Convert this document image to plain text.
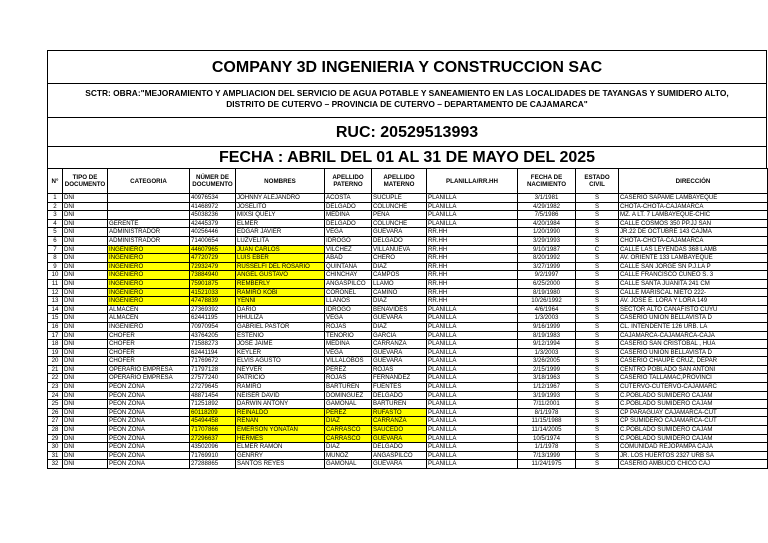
COMPANY 3D INGENIERIA Y CONSTRUCCION SAC
SCTR: OBRA:"MEJORAMIENTO Y AMPLIACION DEL SERVICIO DE AGUA POTABLE Y SANEAMIENTO EN LAS LOCALIDADES DE TAYANGAS Y SUMIDERO ALTO,
DISTRITO DE CUTERVO – PROVINCIA DE CUTERVO – DEPARTAMENTO DE CAJAMARCA"
RUC: 20529513993
FECHA : ABRIL DEL 01 AL 31 DE MAYO DEL 2025
N°	TIPO DE DOCUMENTO	CATEGORIA	NÚMER DE DOCUMENTO	NOMBRES	APELLIDO PATERNO	APELLIDO MATERNO	PLANILLA/RR.HH	FECHA DE NACIMIENTO	ESTADO CIVIL	DIRECCIÓN
1	DNI		40976534	JOHNNY ALEJANDRO	ACOSTA	SUCUPLE	PLANILLA	3/1/1981	S	CASERIO SAPAME LAMBAYEQUE
2	DNI		41468972	JOSELITO	DELGADO	COLUNCHE	PLANILLA	4/29/1982	S	CHOTA-CHOTA-CAJAMARCA
3	DNI		45038236	MIXSI QUELY	MEDINA	PEÑA	PLANILLA	7/5/1986	S	MZ. A LT. 7 LAMBAYEQUE-CHIC
4	DNI	GERENTE	42445379	ELMER	DELGADO	COLUNCHE	PLANILLA	4/20/1984	S	CALLE COSMOS 350 PP.JJ SAN
5	DNI	ADMINISTRADOR	40256446	EDGAR JAVIER	VEGA	GUEVARA	RR.HH	1/20/1990	S	JR.22 DE OCTUBRE 143 CAJMA
6	DNI	ADMINISTRADOR	71400654	LUZVELITA	IDROGO	DELGADO	RR.HH	3/29/1993	S	CHOTA-CHOTA-CAJAMARCA
7	DNI	INGENIERO	44607965	JUAN CARLOS	VILCHEZ	VILLANUEVA	RR.HH	9/10/1987	C	CALLE LAS LEYENDAS 368 LAMB
8	DNI	INGENIERO	47720729	LUIS EBER	ABAD	CHERO	RR.HH	8/20/1992	S	AV. ORIENTE 133 LAMBAYEQUE
9	DNI	INGENIERO	72932479	RUSSELFI DEL ROSARIO	QUINTANA	DIAZ	RR.HH	3/27/1999	S	CALLE SAN JORGE SN P.J.LA P
10	DNI	INGENIERO	73884940	ANGEL GUSTAVO	CHINCHAY	CAMPOS	RR.HH	9/2/1997	S	CALLE FRANCISCO CUNEO S. 3
11	DNI	INGENIERO	75901875	REMBERLY	ANGASPILCO	LLAMO	RR.HH	6/25/2000	S	CALLE SANTA JUANITA 241 CM
12	DNI	INGENIERO	41521033	RAMIRO KOBI	CORONEL	CAMINO	RR.HH	8/19/1980	S	CALLE MARISCAL NIETO 222-
13	DNI	INGENIERO	47478839	YENNI	LLANOS	DIAZ	RR.HH	10/26/1992	S	AV. JOSE E. LORA Y LORA 149
14	DNI	ALMACEN	27369392	DARIO	IDROGO	BENAVIDES	PLANILLA	4/6/1964	S	SECTOR ALTO CAÑAFISTO CUYU
15	DNI	ALMACEN	62441195	HHULIZA	VEGA	GUEVARA	PLANILLA	1/3/2003	S	CASERIO UNION BELLAVISTA D
16	DNI	INGENIERO	70970954	GABRIEL PASTOR	ROJAS	DIAZ	PLANILLA	9/16/1999	S	CL. INTENDENTE 126 URB. LA
17	DNI	CHOFER	43764205	ESTENIO	TENORIO	GARCIA	PLANILLA	8/19/1983	S	CAJAMARCA-CAJAMARCA-CAJA
18	DNI	CHOFER	71588273	JOSE JAIME	MEDINA	CARRANZA	PLANILLA	9/12/1994	S	CASERIO SAN CRISTOBAL , HUA
19	DNI	CHOFER	62441194	KEYLER	VEGA	GUEVARA	PLANILLA	1/3/2003	S	CASERIO UNION BELLAVISTA D
20	DNI	CHOFER	71769672	ELVIS AGUSTO	VILLALOBOS	GUEVARA	PLANILLA	3/26/2005	S	CASERIO CHAUPE CRUZ, DEPAR
21	DNI	OPERARIO EMPRESA	71797128	NEYVER	PEREZ	ROJAS	PLANILLA	2/15/1999	S	CENTRO POBLADO SAN ANTONI
22	DNI	OPERARIO EMPRESA	27577240	PATRICIO	ROJAS	FERNANDEZ	PLANILLA	3/18/1963	S	CASERIO TALLAMAC,PROVINCI
23	DNI	PEON ZONA	27279645	RAMIRO	BARTUREN	FUENTES	PLANILLA	1/12/1967	S	CUTERVO-CUTERVO-CAJAMARC
24	DNI	PEON ZONA	48871454	NEISER DAVID	DOMINGUEZ	DELGADO	PLANILLA	3/19/1993	S	C.POBLADO SUMIDERO CAJAM
25	DNI	PEON ZONA	71251892	DARWIN ANTONY	GAMONAL	BARTUREN	PLANILLA	7/11/2001	S	C.POBLADO SUMIDERO CAJAM
26	DNI	PEON ZONA	60118209	REINALDO	PEREZ	RUFASTO	PLANILLA	8/1/1978	S	CP PARAGUAY CAJAMARCA-CUT
27	DNI	PEON ZONA	45494458	RENAN	DIAZ	CARRANZA	PLANILLA	11/15/1988	S	CP SUMIDERO CAJAMARCA-CUT
28	DNI	PEON ZONA	71707866	EMERSON YONATAN	CARRASCO	SAUCEDO	PLANILLA	11/14/2005	S	C.POBLADO SUMIDERO CAJAM
29	DNI	PEON ZONA	27296637	HERMES	CARRASCO	GUEVARA	PLANILLA	10/5/1974	S	C.POBLADO SUMIDERO CAJAM
30	DNI	PEON ZONA	43502096	ELMER RAMON	DIAZ	DELGADO	PLANILLA	1/1/1978	S	COMUNIDAD REJOPAMPA CAJA
31	DNI	PEON ZONA	71769910	GENRRY	MUÑOZ	ANGASPILCO	PLANILLA	7/13/1999	S	JR. LOS HUERTOS 2327 URB SA
32	DNI	PEON ZONA	27288865	SANTOS REYES	GAMONAL	GUEVARA	PLANILLA	11/24/1975	S	CASERIO AMBUCO CHICO CAJ
